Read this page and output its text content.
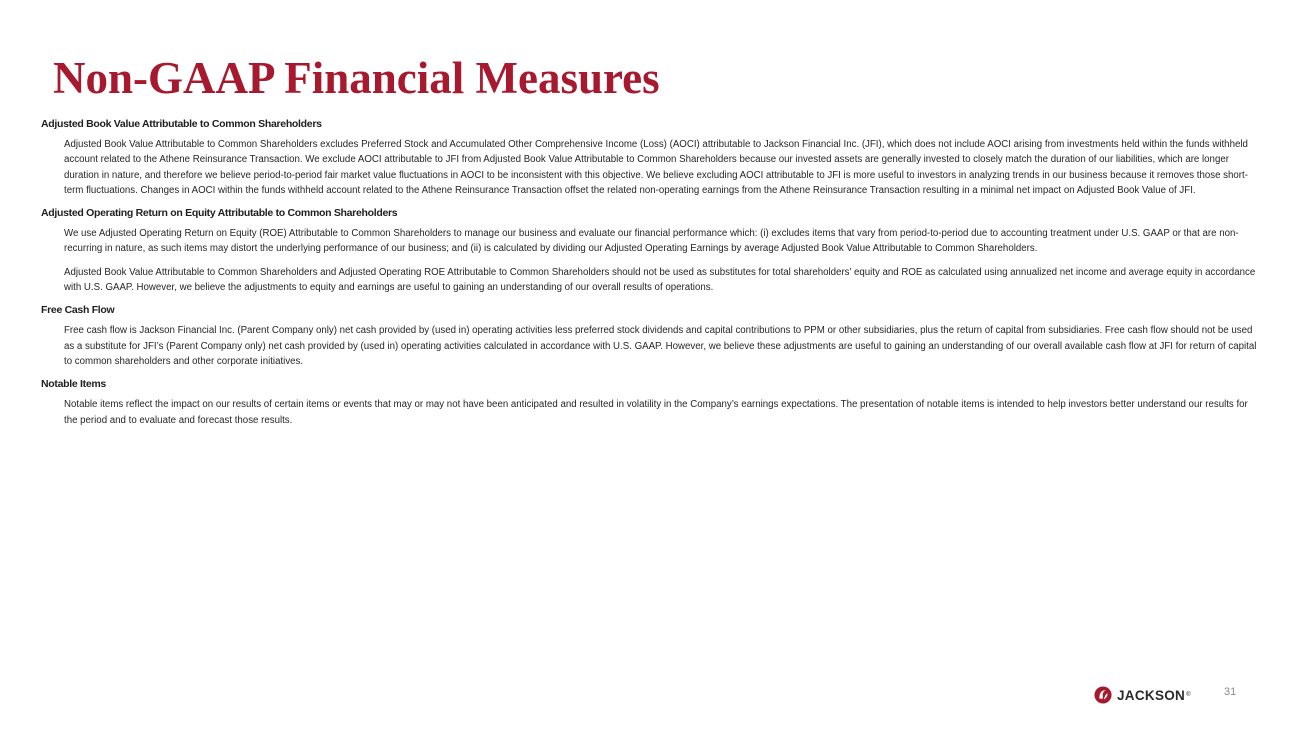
Non-GAAP Financial Measures
Adjusted Book Value Attributable to Common Shareholders

Adjusted Book Value Attributable to Common Shareholders excludes Preferred Stock and Accumulated Other Comprehensive Income (Loss) (AOCI) attributable to Jackson Financial Inc. (JFI), which does not include AOCI arising from investments held within the funds withheld account related to the Athene Reinsurance Transaction. We exclude AOCI attributable to JFI from Adjusted Book Value Attributable to Common Shareholders because our invested assets are generally invested to closely match the duration of our liabilities, which are longer duration in nature, and therefore we believe period-to-period fair market value fluctuations in AOCI to be inconsistent with this objective. We believe excluding AOCI attributable to JFI is more useful to investors in analyzing trends in our business because it removes those short-term fluctuations. Changes in AOCI within the funds withheld account related to the Athene Reinsurance Transaction offset the related non-operating earnings from the Athene Reinsurance Transaction resulting in a minimal net impact on Adjusted Book Value of JFI.

Adjusted Operating Return on Equity Attributable to Common Shareholders

We use Adjusted Operating Return on Equity (ROE) Attributable to Common Shareholders to manage our business and evaluate our financial performance which: (i) excludes items that vary from period-to-period due to accounting treatment under U.S. GAAP or that are non-recurring in nature, as such items may distort the underlying performance of our business; and (ii) is calculated by dividing our Adjusted Operating Earnings by average Adjusted Book Value Attributable to Common Shareholders.

Adjusted Book Value Attributable to Common Shareholders and Adjusted Operating ROE Attributable to Common Shareholders should not be used as substitutes for total shareholders’ equity and ROE as calculated using annualized net income and average equity in accordance with U.S. GAAP. However, we believe the adjustments to equity and earnings are useful to gaining an understanding of our overall results of operations.

Free Cash Flow

Free cash flow is Jackson Financial Inc. (Parent Company only) net cash provided by (used in) operating activities less preferred stock dividends and capital contributions to PPM or other subsidiaries, plus the return of capital from subsidiaries. Free cash flow should not be used as a substitute for JFI’s (Parent Company only) net cash provided by (used in) operating activities calculated in accordance with U.S. GAAP. However, we believe these adjustments are useful to gaining an understanding of our overall available cash flow at JFI for return of capital to common shareholders and other corporate initiatives.

Notable Items

Notable items reflect the impact on our results of certain items or events that may or may not have been anticipated and resulted in volatility in the Company’s earnings expectations. The presentation of notable items is intended to help investors better understand our results for the period and to evaluate and forecast those results.

JACKSON ®	31
